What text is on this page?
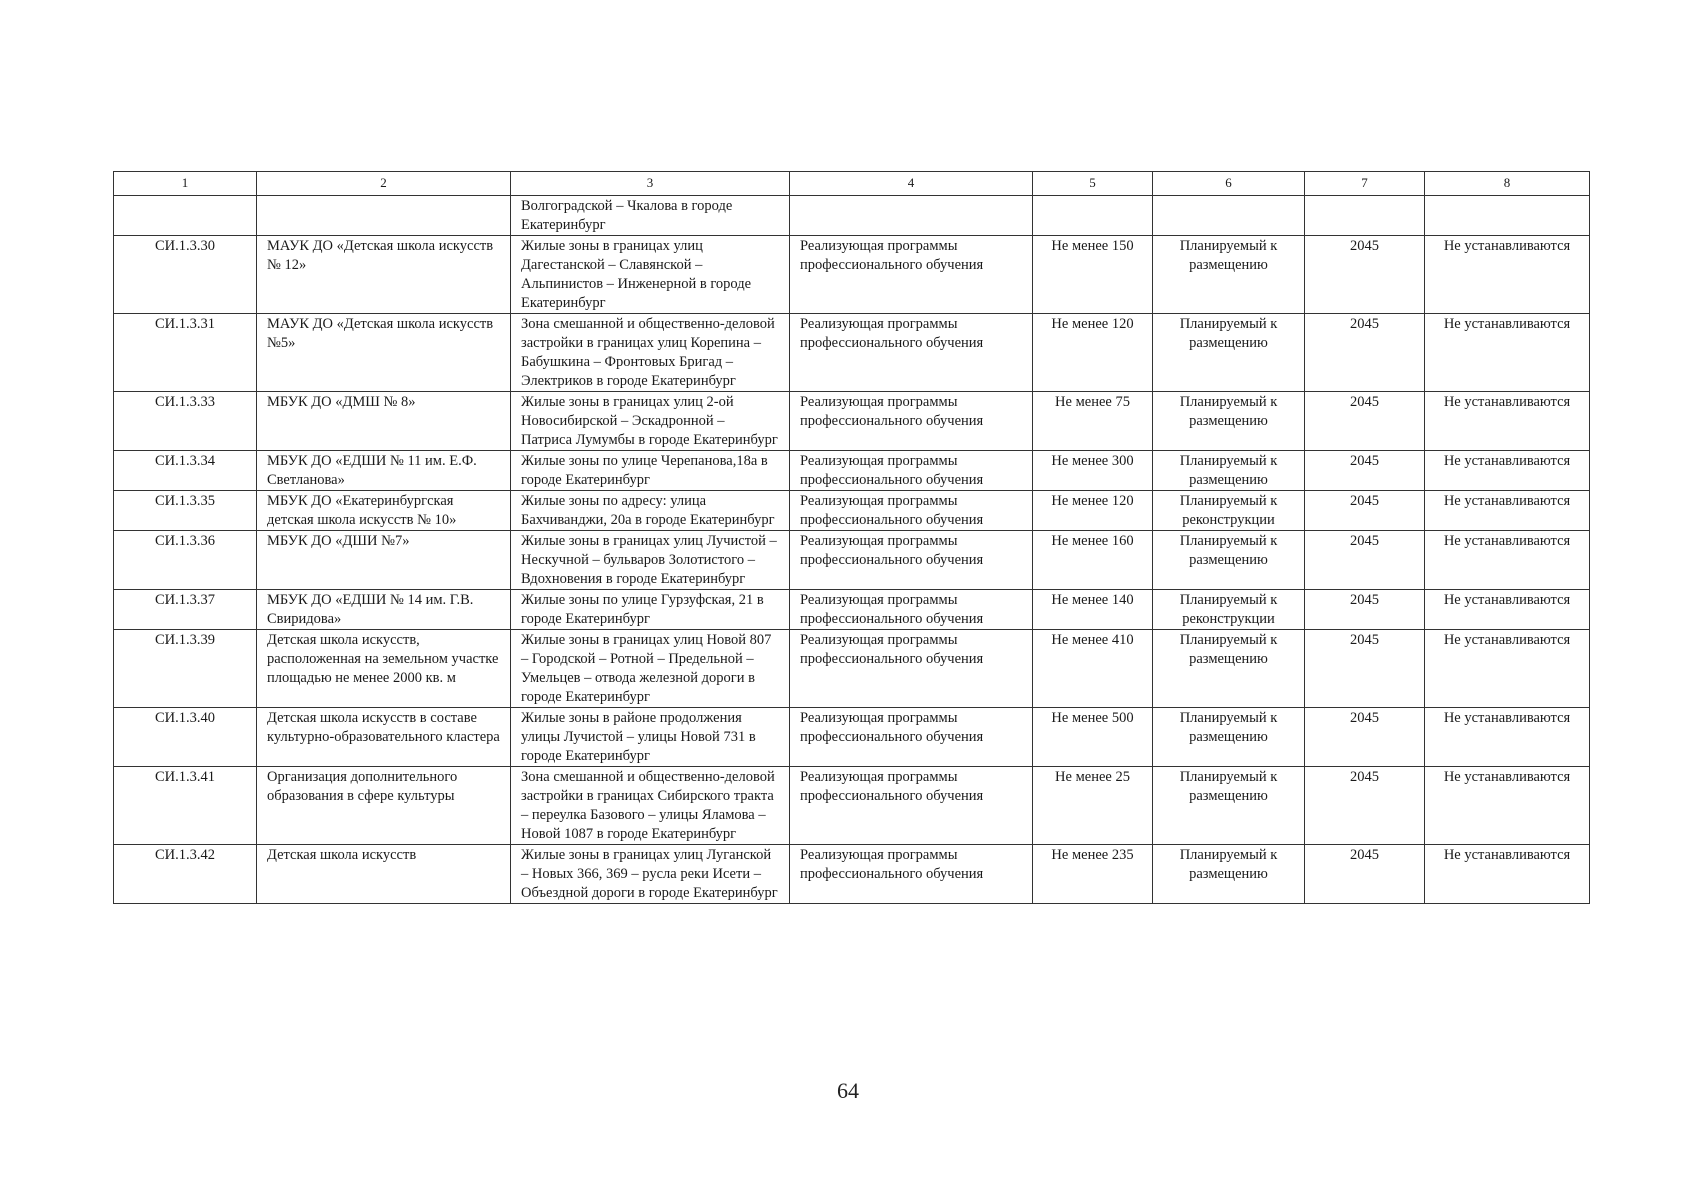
1	2	3	4	5	6	7	8
		Волгоградской – Чкалова в городе Екатеринбург					
СИ.1.3.30	МАУК ДО «Детская школа искусств № 12»	Жилые зоны в границах улиц Дагестанской – Славянской – Альпинистов – Инженерной в городе Екатеринбург	Реализующая программы профессионального обучения	Не менее 150	Планируемый к размещению	2045	Не устанавливаются
СИ.1.3.31	МАУК ДО «Детская школа искусств №5»	Зона смешанной и общественно-деловой застройки в границах улиц Корепина – Бабушкина – Фронтовых Бригад – Электриков в городе Екатеринбург	Реализующая программы профессионального обучения	Не менее 120	Планируемый к размещению	2045	Не устанавливаются
СИ.1.3.33	МБУК ДО «ДМШ № 8»	Жилые зоны в границах улиц 2-ой Новосибирской – Эскадронной – Патриса Лумумбы в городе Екатеринбург	Реализующая программы профессионального обучения	Не менее 75	Планируемый к размещению	2045	Не устанавливаются
СИ.1.3.34	МБУК ДО «ЕДШИ № 11 им. Е.Ф. Светланова»	Жилые зоны по улице Черепанова,18а в городе Екатеринбург	Реализующая программы профессионального обучения	Не менее 300	Планируемый к размещению	2045	Не устанавливаются
СИ.1.3.35	МБУК ДО «Екатеринбургская детская школа искусств № 10»	Жилые зоны по адресу: улица Бахчиванджи, 20а в городе Екатеринбург	Реализующая программы профессионального обучения	Не менее 120	Планируемый к реконструкции	2045	Не устанавливаются
СИ.1.3.36	МБУК ДО «ДШИ №7»	Жилые зоны в границах улиц Лучистой – Нескучной – бульваров Золотистого – Вдохновения в городе Екатеринбург	Реализующая программы профессионального обучения	Не менее 160	Планируемый к размещению	2045	Не устанавливаются
СИ.1.3.37	МБУК ДО «ЕДШИ № 14 им. Г.В. Свиридова»	Жилые зоны по улице Гурзуфская, 21 в городе Екатеринбург	Реализующая программы профессионального обучения	Не менее 140	Планируемый к реконструкции	2045	Не устанавливаются
СИ.1.3.39	Детская школа искусств, расположенная на земельном участке площадью не менее 2000 кв. м	Жилые зоны в границах улиц Новой 807 – Городской – Ротной – Предельной – Умельцев – отвода железной дороги в городе Екатеринбург	Реализующая программы профессионального обучения	Не менее 410	Планируемый к размещению	2045	Не устанавливаются
СИ.1.3.40	Детская школа искусств в составе культурно-образовательного кластера	Жилые зоны в районе продолжения улицы Лучистой – улицы Новой 731 в городе Екатеринбург	Реализующая программы профессионального обучения	Не менее 500	Планируемый к размещению	2045	Не устанавливаются
СИ.1.3.41	Организация дополнительного образования в сфере культуры	Зона смешанной и общественно-деловой застройки в границах Сибирского тракта – переулка Базового – улицы Яламова – Новой 1087 в городе Екатеринбург	Реализующая программы профессионального обучения	Не менее 25	Планируемый к размещению	2045	Не устанавливаются
СИ.1.3.42	Детская школа искусств	Жилые зоны в границах улиц Луганской – Новых 366, 369 – русла реки Исети – Объездной дороги в городе Екатеринбург	Реализующая программы профессионального обучения	Не менее 235	Планируемый к размещению	2045	Не устанавливаются
64
